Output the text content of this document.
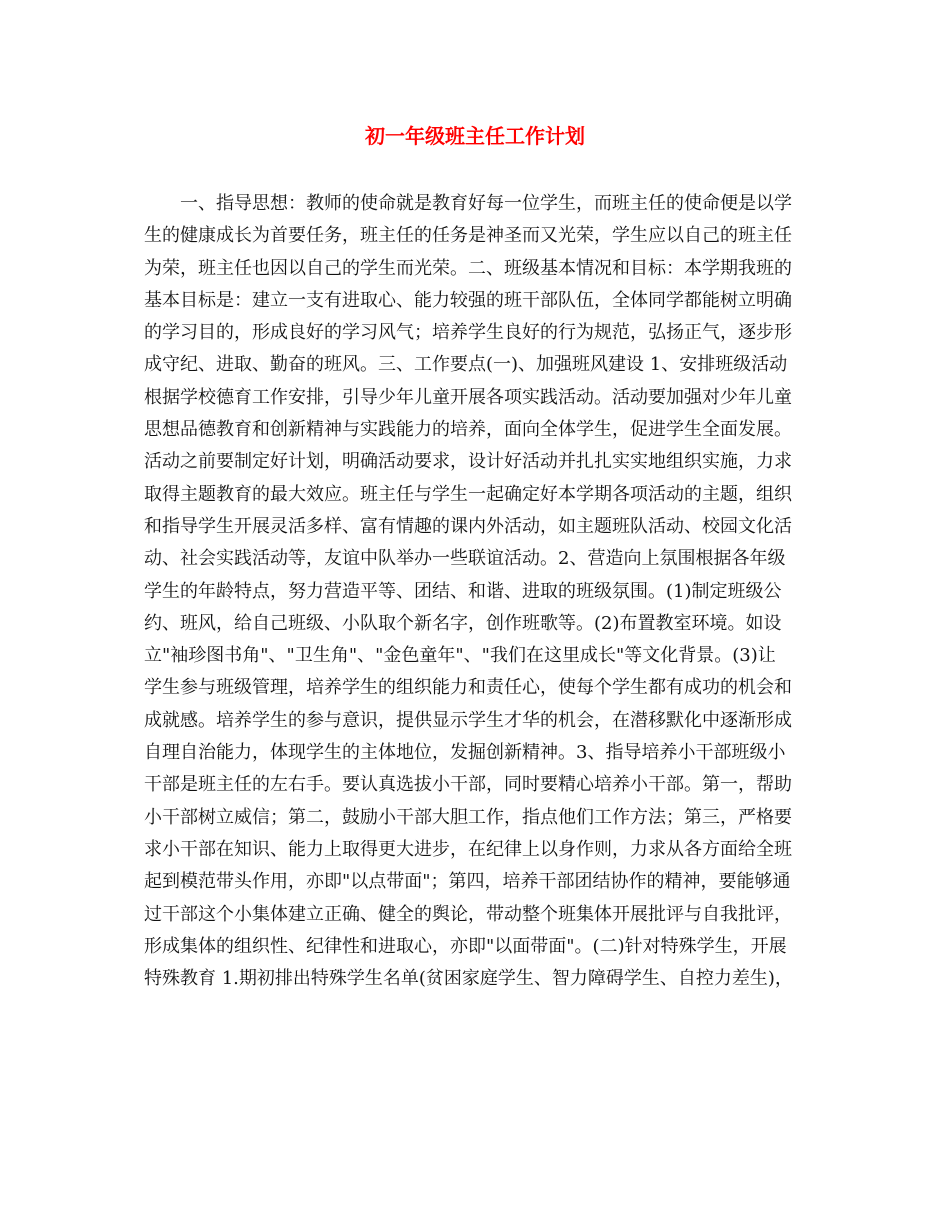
初一年级班主任工作计划
一、指导思想：教师的使命就是教育好每一位学生，而班主任的使命便是以学
生的健康成长为首要任务，班主任的任务是神圣而又光荣，学生应以自己的班主任
为荣，班主任也因以自己的学生而光荣。二、班级基本情况和目标：本学期我班的
基本目标是：建立一支有进取心、能力较强的班干部队伍，全体同学都能树立明确
的学习目的，形成良好的学习风气；培养学生良好的行为规范，弘扬正气，逐步形
成守纪、进取、勤奋的班风。三、工作要点(一)、加强班风建设 1、安排班级活动
根据学校德育工作安排，引导少年儿童开展各项实践活动。活动要加强对少年儿童
思想品德教育和创新精神与实践能力的培养，面向全体学生，促进学生全面发展。
活动之前要制定好计划，明确活动要求，设计好活动并扎扎实实地组织实施，力求
取得主题教育的最大效应。班主任与学生一起确定好本学期各项活动的主题，组织
和指导学生开展灵活多样、富有情趣的课内外活动，如主题班队活动、校园文化活
动、社会实践活动等，友谊中队举办一些联谊活动。2、营造向上氛围根据各年级
学生的年龄特点，努力营造平等、团结、和谐、进取的班级氛围。(1)制定班级公
约、班风，给自己班级、小队取个新名字，创作班歌等。(2)布置教室环境。如设
立"袖珍图书角"、"卫生角"、"金色童年"、"我们在这里成长"等文化背景。(3)让
学生参与班级管理，培养学生的组织能力和责任心，使每个学生都有成功的机会和
成就感。培养学生的参与意识，提供显示学生才华的机会，在潜移默化中逐渐形成
自理自治能力，体现学生的主体地位，发掘创新精神。3、指导培养小干部班级小
干部是班主任的左右手。要认真选拔小干部，同时要精心培养小干部。第一，帮助
小干部树立威信；第二，鼓励小干部大胆工作，指点他们工作方法；第三，严格要
求小干部在知识、能力上取得更大进步，在纪律上以身作则，力求从各方面给全班
起到模范带头作用，亦即"以点带面"；第四，培养干部团结协作的精神，要能够通
过干部这个小集体建立正确、健全的舆论，带动整个班集体开展批评与自我批评，
形成集体的组织性、纪律性和进取心，亦即"以面带面"。(二)针对特殊学生，开展
特殊教育 1.期初排出特殊学生名单(贫困家庭学生、智力障碍学生、自控力差生)，
